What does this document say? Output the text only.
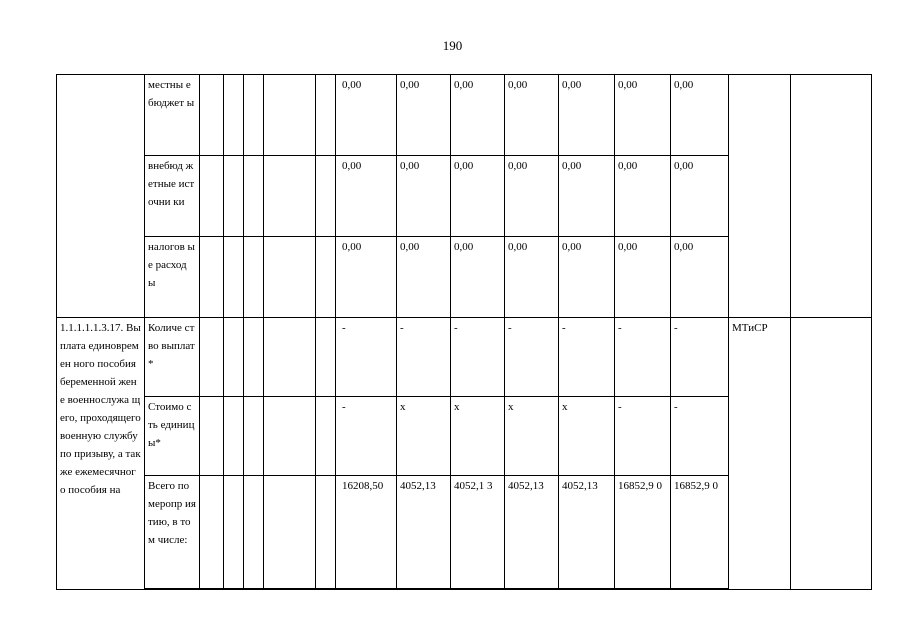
190
	местны е бюджет ы						0,00	0,00	0,00	0,00	0,00	0,00	0,00		
	внебюд жетные источни ки						0,00	0,00	0,00	0,00	0,00	0,00	0,00		
	налогов ые расход ы						0,00	0,00	0,00	0,00	0,00	0,00	0,00		
1.1.1.1.1.3.17. Выплата единовремен ного пособия беременной жене военнослужа щего, проходящего военную службу по призыву, а также ежемесячног о пособия на	Количе ство выплат *						-	-	-	-	-	-	-	МТиСР	
	Стоимо сть единиц ы*						-	х	х	х	х	-	-		
	Всего по меропр иятию, в том числе:						16208,50	4052,13	4052,1 3	4052,13	4052,13	16852,9 0	16852,9 0		
